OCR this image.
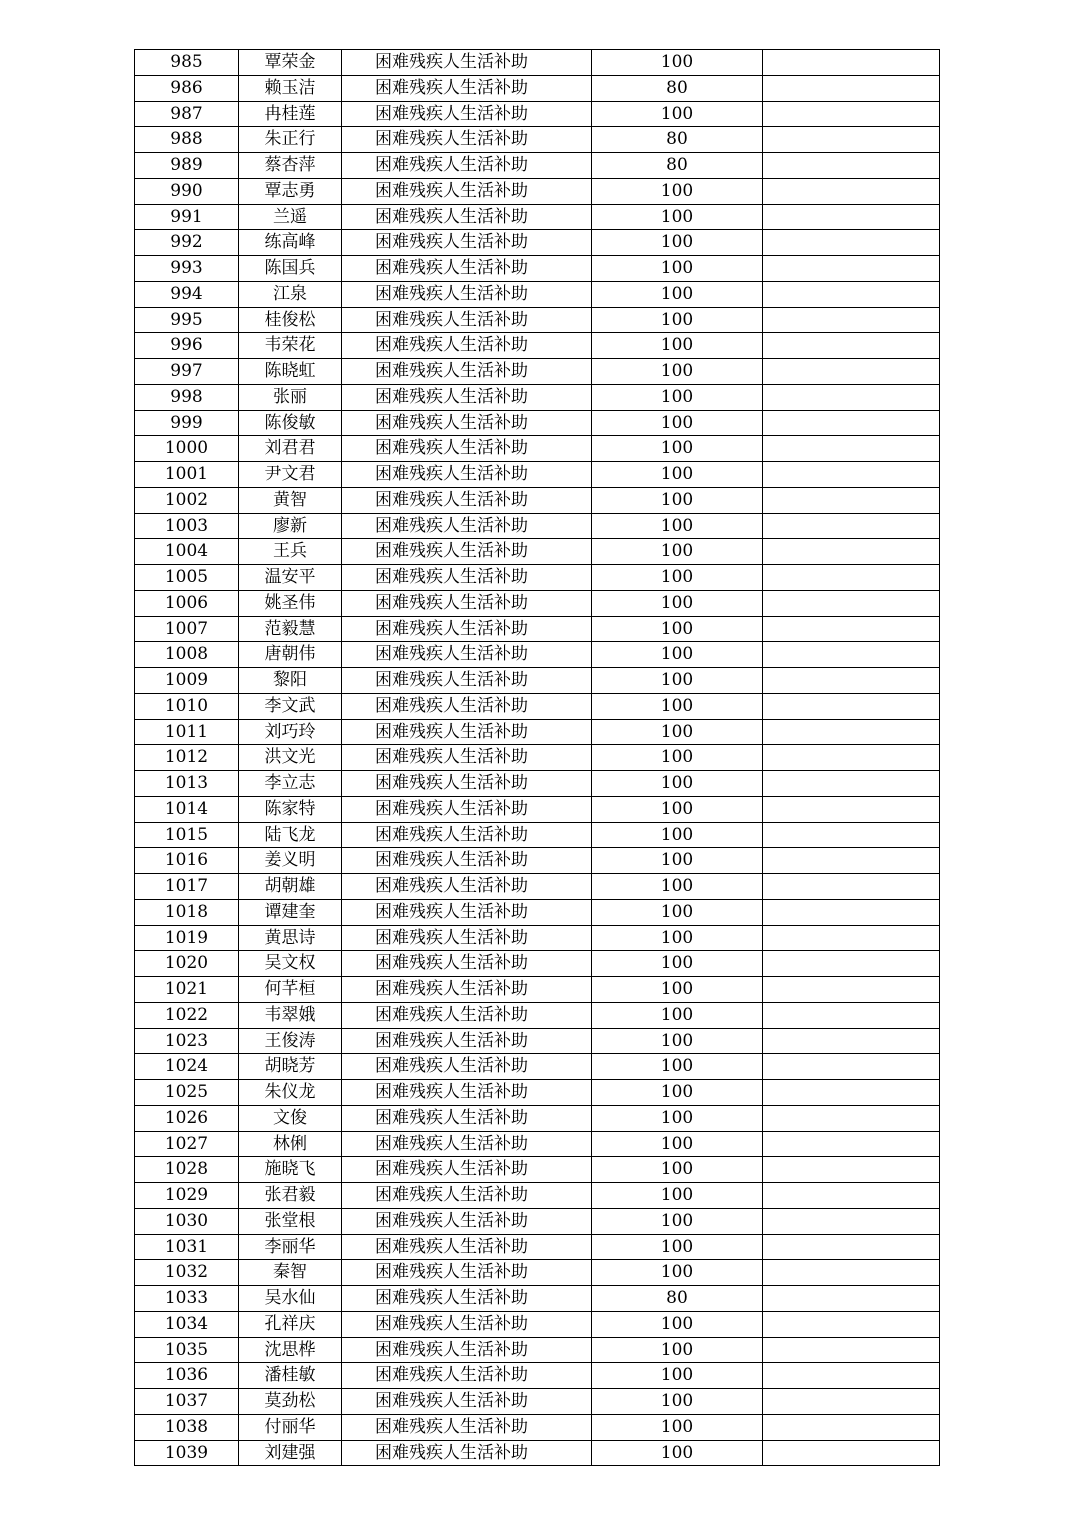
985	覃荣金	困难残疾人生活补助	100	
986	赖玉洁	困难残疾人生活补助	80	
987	冉桂莲	困难残疾人生活补助	100	
988	朱正行	困难残疾人生活补助	80	
989	蔡杏萍	困难残疾人生活补助	80	
990	覃志勇	困难残疾人生活补助	100	
991	兰遥	困难残疾人生活补助	100	
992	练高峰	困难残疾人生活补助	100	
993	陈国兵	困难残疾人生活补助	100	
994	江泉	困难残疾人生活补助	100	
995	桂俊松	困难残疾人生活补助	100	
996	韦荣花	困难残疾人生活补助	100	
997	陈晓虹	困难残疾人生活补助	100	
998	张丽	困难残疾人生活补助	100	
999	陈俊敏	困难残疾人生活补助	100	
1000	刘君君	困难残疾人生活补助	100	
1001	尹文君	困难残疾人生活补助	100	
1002	黄智	困难残疾人生活补助	100	
1003	廖新	困难残疾人生活补助	100	
1004	王兵	困难残疾人生活补助	100	
1005	温安平	困难残疾人生活补助	100	
1006	姚圣伟	困难残疾人生活补助	100	
1007	范毅慧	困难残疾人生活补助	100	
1008	唐朝伟	困难残疾人生活补助	100	
1009	黎阳	困难残疾人生活补助	100	
1010	李文武	困难残疾人生活补助	100	
1011	刘巧玲	困难残疾人生活补助	100	
1012	洪文光	困难残疾人生活补助	100	
1013	李立志	困难残疾人生活补助	100	
1014	陈家特	困难残疾人生活补助	100	
1015	陆飞龙	困难残疾人生活补助	100	
1016	姜义明	困难残疾人生活补助	100	
1017	胡朝雄	困难残疾人生活补助	100	
1018	谭建奎	困难残疾人生活补助	100	
1019	黄思诗	困难残疾人生活补助	100	
1020	吴文权	困难残疾人生活补助	100	
1021	何芊桓	困难残疾人生活补助	100	
1022	韦翠娥	困难残疾人生活补助	100	
1023	王俊涛	困难残疾人生活补助	100	
1024	胡晓芳	困难残疾人生活补助	100	
1025	朱仪龙	困难残疾人生活补助	100	
1026	文俊	困难残疾人生活补助	100	
1027	林俐	困难残疾人生活补助	100	
1028	施晓飞	困难残疾人生活补助	100	
1029	张君毅	困难残疾人生活补助	100	
1030	张堂根	困难残疾人生活补助	100	
1031	李丽华	困难残疾人生活补助	100	
1032	秦智	困难残疾人生活补助	100	
1033	吴水仙	困难残疾人生活补助	80	
1034	孔祥庆	困难残疾人生活补助	100	
1035	沈思桦	困难残疾人生活补助	100	
1036	潘桂敏	困难残疾人生活补助	100	
1037	莫劲松	困难残疾人生活补助	100	
1038	付丽华	困难残疾人生活补助	100	
1039	刘建强	困难残疾人生活补助	100	
